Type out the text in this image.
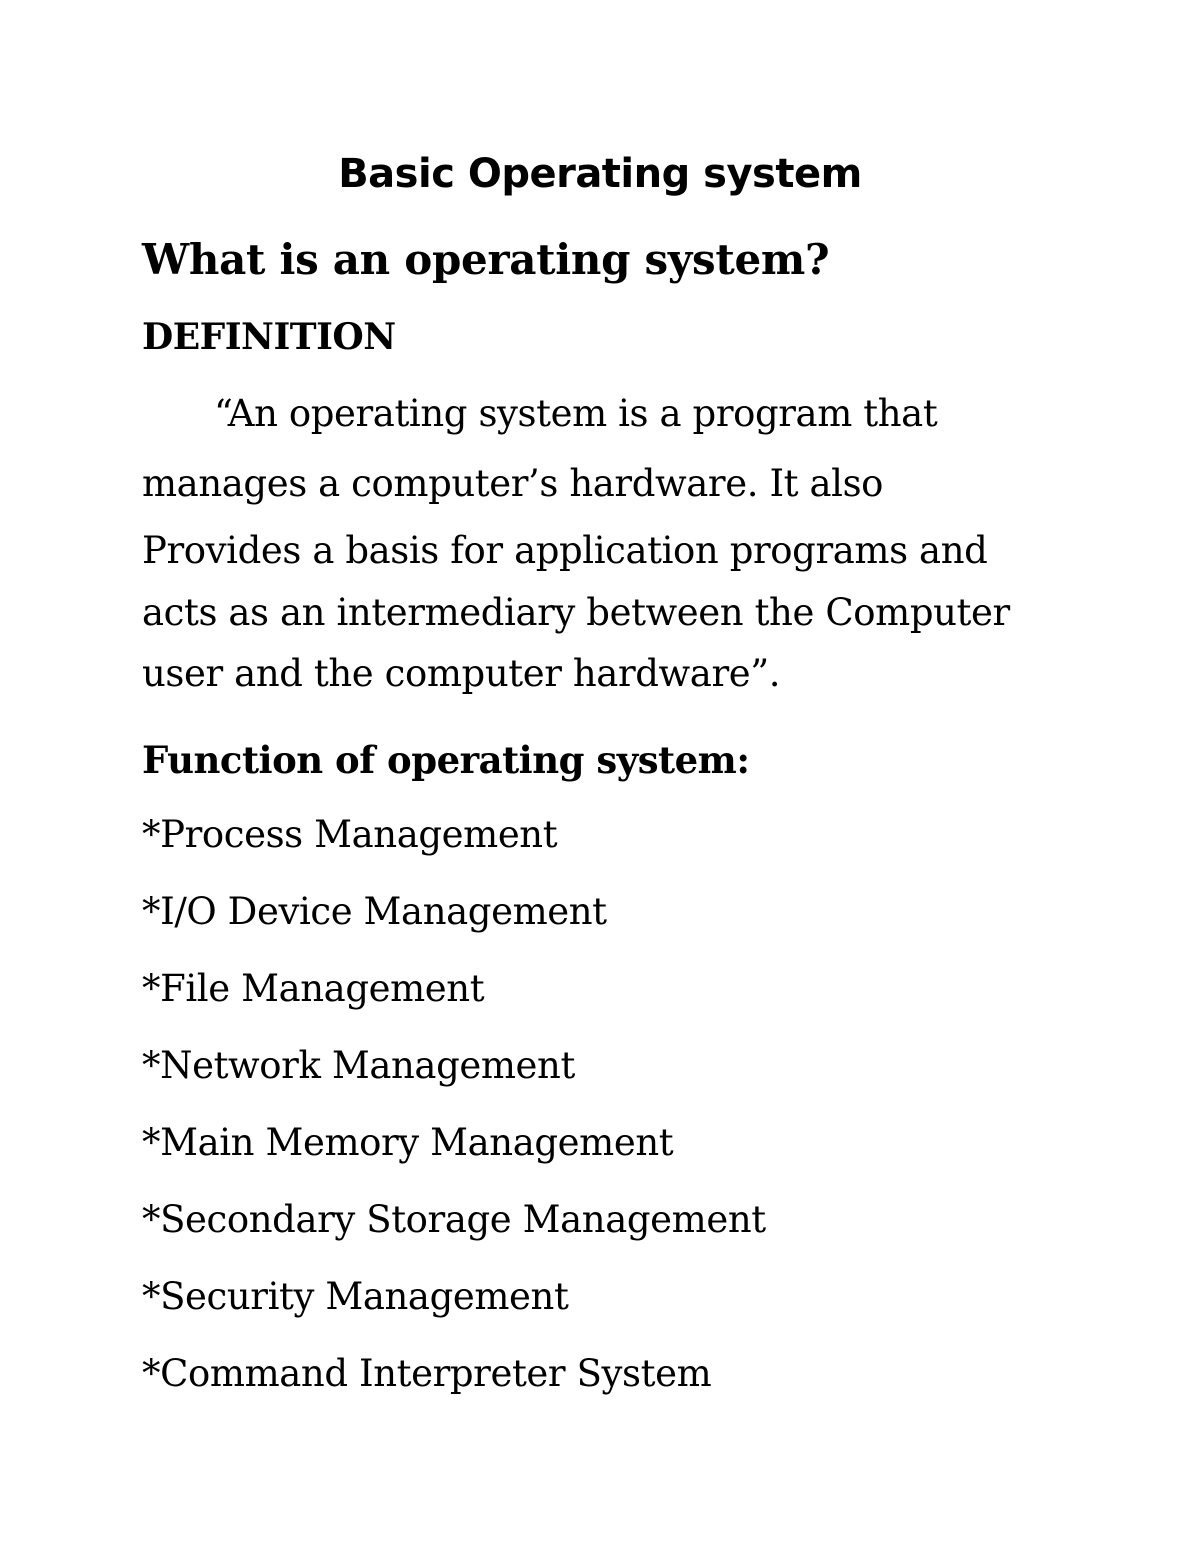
Basic Operating system
What is an operating system?
DEFINITION
“An operating system is a program that
manages a computer’s hardware. It also
Provides a basis for application programs and
acts as an intermediary between the Computer
user and the computer hardware”.
Function of operating system:
*Process Management
*I/O Device Management
*File Management
*Network Management
*Main Memory Management
*Secondary Storage Management
*Security Management
*Command Interpreter System
